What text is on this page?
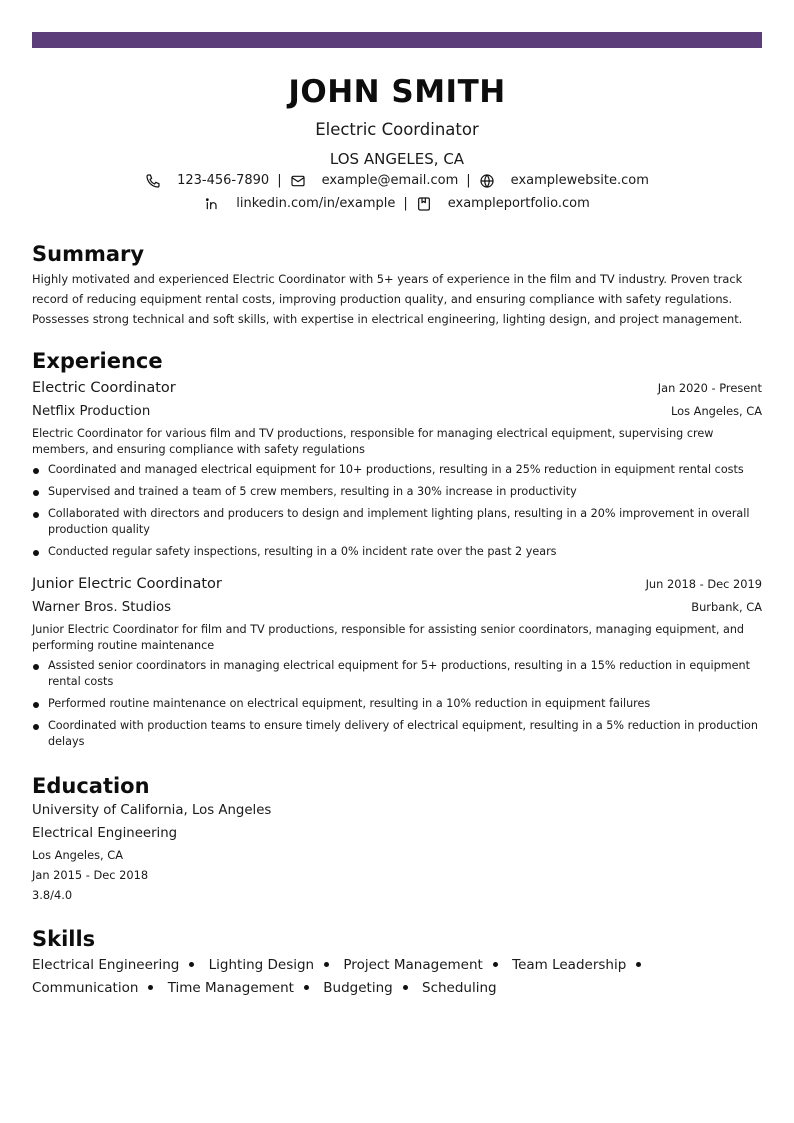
JOHN SMITH
Electric Coordinator
LOS ANGELES, CA
123-456-7890 |	example@email.com |	examplewebsite.com
linkedin.com/in/example |	exampleportfolio.com
Summary
Highly motivated and experienced Electric Coordinator with 5+ years of experience in the film and TV industry. Proven track record of reducing equipment rental costs, improving production quality, and ensuring compliance with safety regulations. Possesses strong technical and soft skills, with expertise in electrical engineering, lighting design, and project management.
Experience
Electric Coordinator	Jan 2020 - Present
Netflix Production	Los Angeles, CA
Electric Coordinator for various film and TV productions, responsible for managing electrical equipment, supervising crew members, and ensuring compliance with safety regulations
Coordinated and managed electrical equipment for 10+ productions, resulting in a 25% reduction in equipment rental costs
Supervised and trained a team of 5 crew members, resulting in a 30% increase in productivity
Collaborated with directors and producers to design and implement lighting plans, resulting in a 20% improvement in overall production quality
Conducted regular safety inspections, resulting in a 0% incident rate over the past 2 years
Junior Electric Coordinator	Jun 2018 - Dec 2019
Warner Bros. Studios	Burbank, CA
Junior Electric Coordinator for film and TV productions, responsible for assisting senior coordinators, managing equipment, and performing routine maintenance
Assisted senior coordinators in managing electrical equipment for 5+ productions, resulting in a 15% reduction in equipment rental costs
Performed routine maintenance on electrical equipment, resulting in a 10% reduction in equipment failures
Coordinated with production teams to ensure timely delivery of electrical equipment, resulting in a 5% reduction in production delays
Education
University of California, Los Angeles
Electrical Engineering
Los Angeles, CA
Jan 2015 - Dec 2018
3.8/4.0
Skills
Electrical Engineering Lighting Design Project Management Team Leadership Communication Time Management Budgeting Scheduling
